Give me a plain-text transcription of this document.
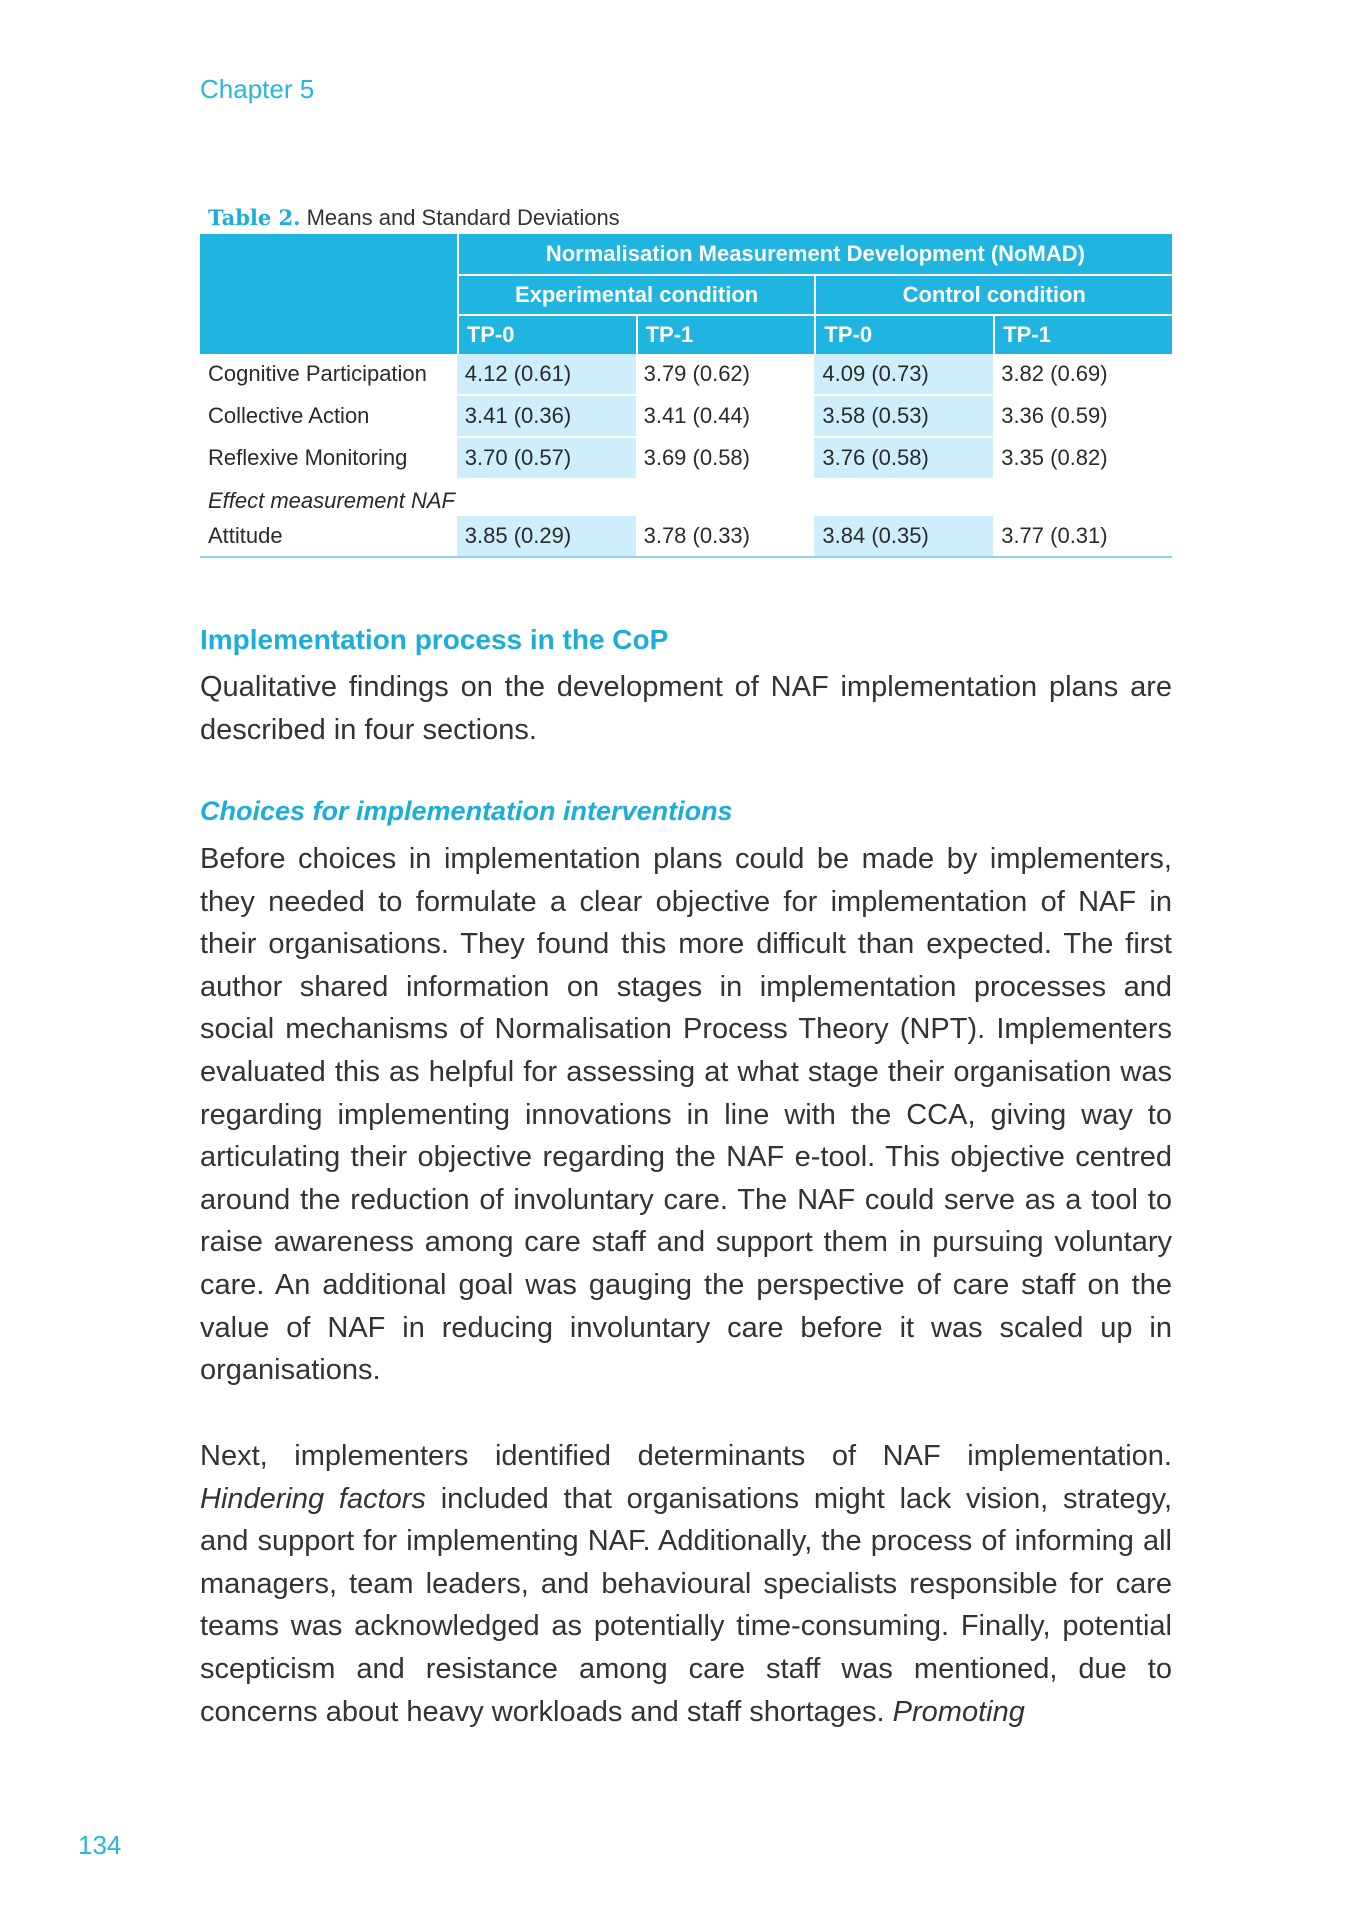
Chapter 5
Table 2. Means and Standard Deviations
	Normalisation Measurement Development (NoMAD)			
	Experimental condition		Control condition	
	TP-0	TP-1	TP-0	TP-1
Cognitive Participation	4.12 (0.61)	3.79 (0.62)	4.09 (0.73)	3.82 (0.69)
Collective Action	3.41 (0.36)	3.41 (0.44)	3.58 (0.53)	3.36 (0.59)
Reflexive Monitoring	3.70 (0.57)	3.69 (0.58)	3.76 (0.58)	3.35 (0.82)
Effect measurement NAF				
Attitude	3.85 (0.29)	3.78 (0.33)	3.84 (0.35)	3.77 (0.31)
Implementation process in the CoP
Qualitative findings on the development of NAF implementation plans are described in four sections.
Choices for implementation interventions
Before choices in implementation plans could be made by implementers, they needed to formulate a clear objective for implementation of NAF in their organisations. They found this more difficult than expected. The first author shared information on stages in implementation processes and social mechanisms of Normalisation Process Theory (NPT). Implementers evaluated this as helpful for assessing at what stage their organisation was regarding implementing innovations in line with the CCA, giving way to articulating their objective regarding the NAF e-tool. This objective centred around the reduction of involuntary care. The NAF could serve as a tool to raise awareness among care staff and support them in pursuing voluntary care. An additional goal was gauging the perspective of care staff on the value of NAF in reducing involuntary care before it was scaled up in organisations.
Next, implementers identified determinants of NAF implementation. Hindering factors included that organisations might lack vision, strategy, and support for implementing NAF. Additionally, the process of informing all managers, team leaders, and behavioural specialists responsible for care teams was acknowledged as potentially time-consuming. Finally, potential scepticism and resistance among care staff was mentioned, due to concerns about heavy workloads and staff shortages. Promoting
134
